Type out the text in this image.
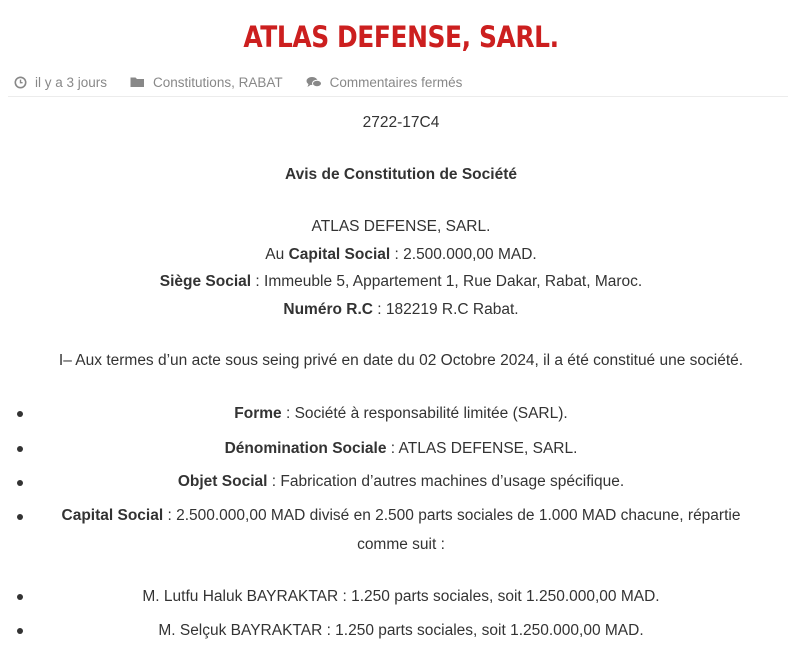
ATLAS DEFENSE, SARL.
il y a 3 jours	Constitutions, RABAT	Commentaires fermés
2722-17C4
Avis de Constitution de Société
ATLAS DEFENSE, SARL.
Au Capital Social : 2.500.000,00 MAD.
Siège Social : Immeuble 5, Appartement 1, Rue Dakar, Rabat, Maroc.
Numéro R.C : 182219 R.C Rabat.
I– Aux termes d’un acte sous seing privé en date du 02 Octobre 2024, il a été constitué une société.
Forme : Société à responsabilité limitée (SARL).
Dénomination Sociale : ATLAS DEFENSE, SARL.
Objet Social : Fabrication d’autres machines d’usage spécifique.
Capital Social : 2.500.000,00 MAD divisé en 2.500 parts sociales de 1.000 MAD chacune, répartie
comme suit :
M. Lutfu Haluk BAYRAKTAR : 1.250 parts sociales, soit 1.250.000,00 MAD.
M. Selçuk BAYRAKTAR : 1.250 parts sociales, soit 1.250.000,00 MAD.
